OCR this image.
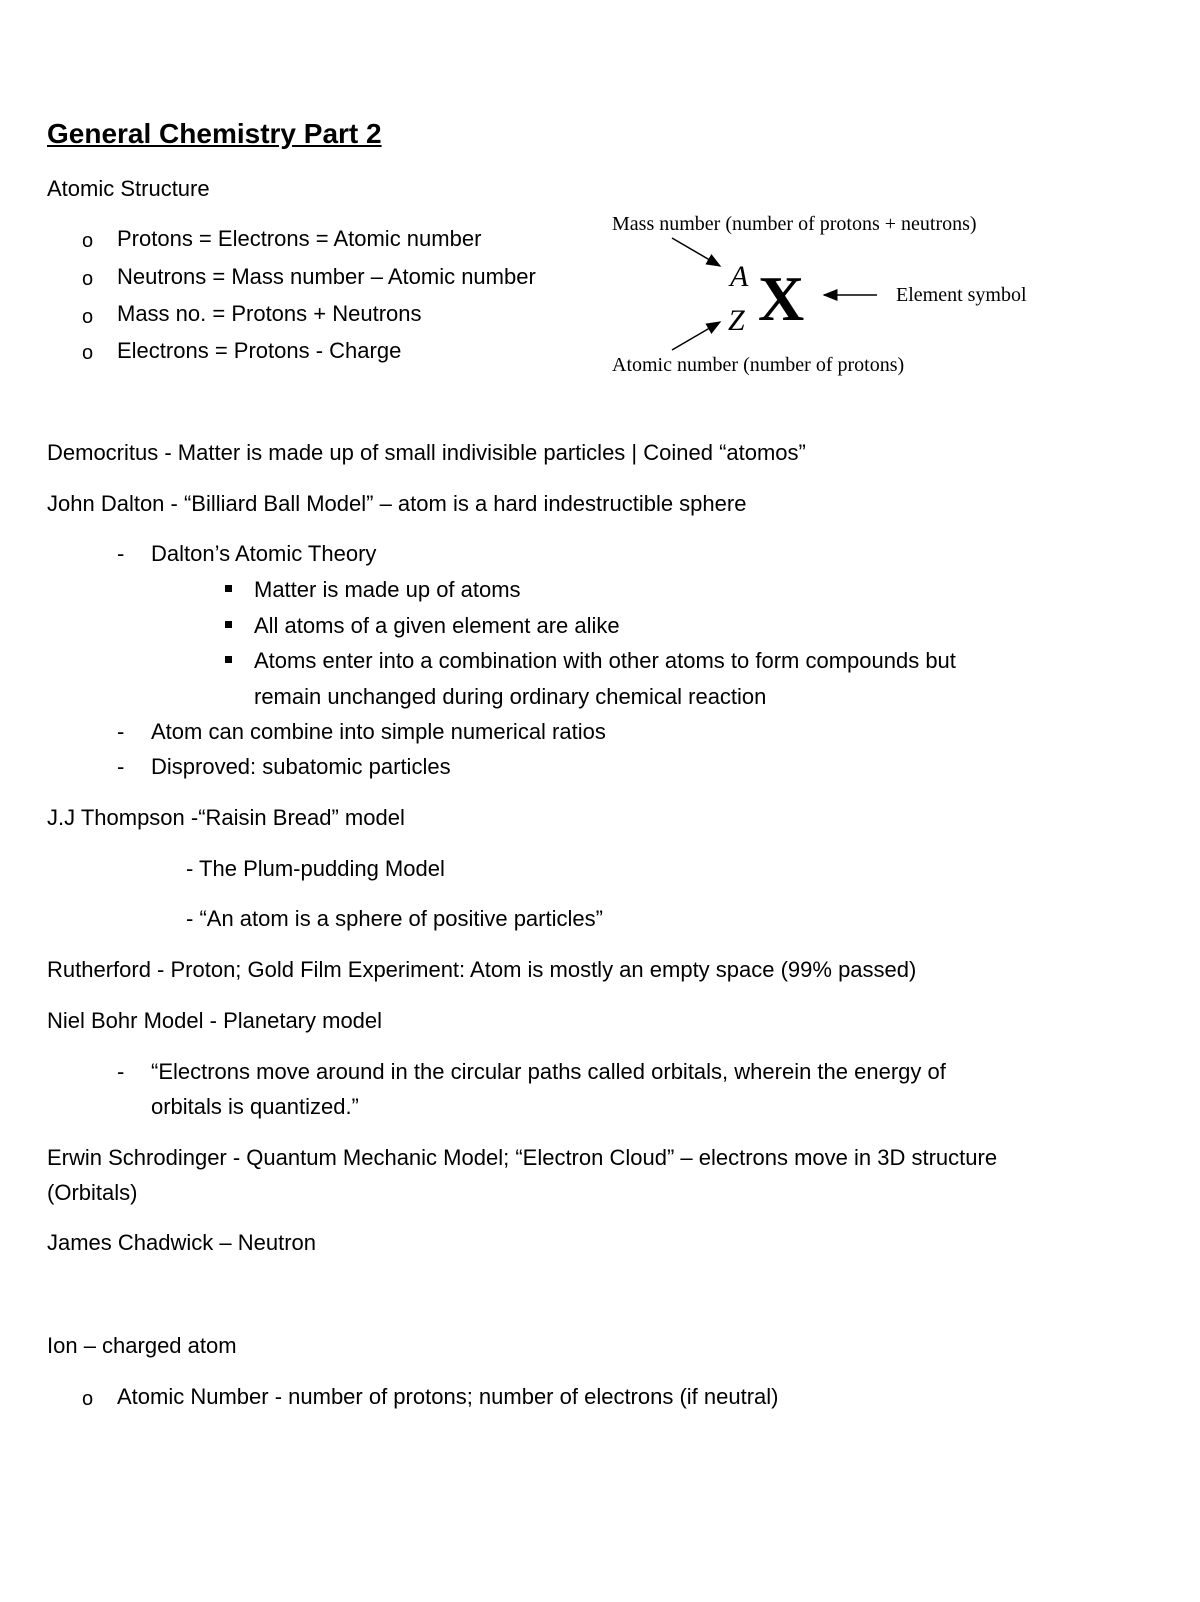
General Chemistry Part 2
Atomic Structure
o Protons = Electrons = Atomic number
o Neutrons = Mass number – Atomic number
o Mass no. = Protons + Neutrons
o Electrons = Protons - Charge
Mass number (number of protons + neutrons)
A X
Z
Element symbol
Atomic number (number of protons)
Democritus - Matter is made up of small indivisible particles | Coined “atomos”
John Dalton - “Billiard Ball Model” – atom is a hard indestructible sphere
- Dalton’s Atomic Theory
Matter is made up of atoms
All atoms of a given element are alike
Atoms enter into a combination with other atoms to form compounds but
remain unchanged during ordinary chemical reaction
- Atom can combine into simple numerical ratios
- Disproved: subatomic particles
J.J Thompson -“Raisin Bread” model
- The Plum-pudding Model
- “An atom is a sphere of positive particles”
Rutherford - Proton; Gold Film Experiment: Atom is mostly an empty space (99% passed)
Niel Bohr Model - Planetary model
- “Electrons move around in the circular paths called orbitals, wherein the energy of
orbitals is quantized.”
Erwin Schrodinger - Quantum Mechanic Model; “Electron Cloud” – electrons move in 3D structure
(Orbitals)
James Chadwick – Neutron
Ion – charged atom
o Atomic Number - number of protons; number of electrons (if neutral)
